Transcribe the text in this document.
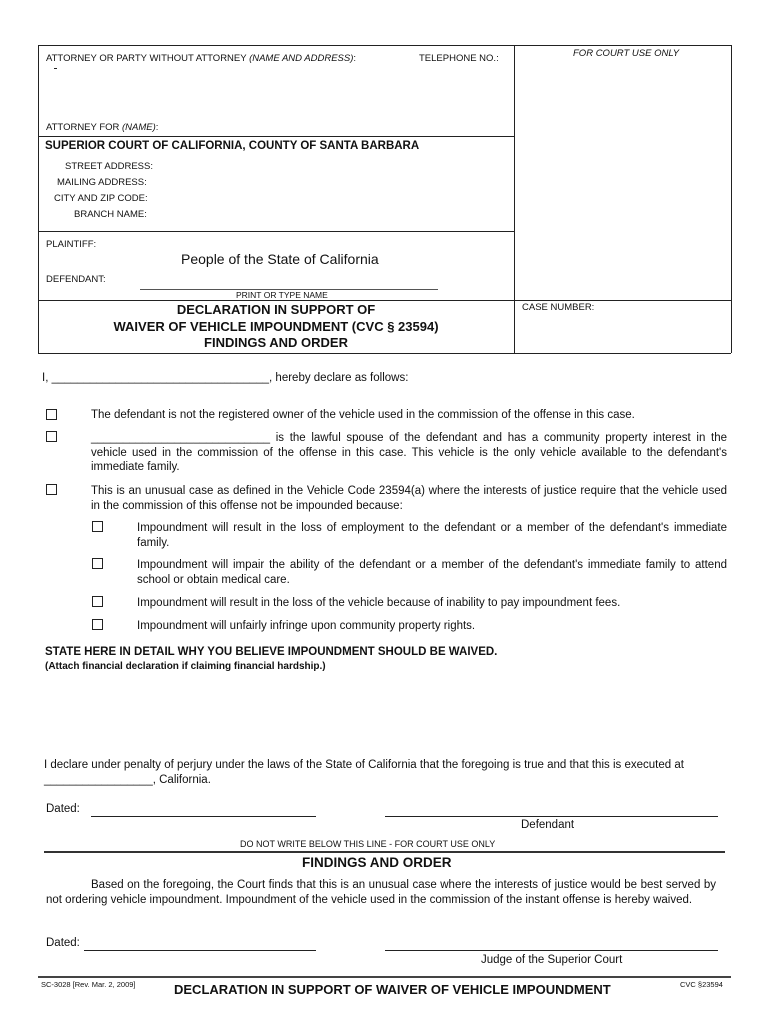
ATTORNEY OR PARTY WITHOUT ATTORNEY (NAME AND ADDRESS):	TELEPHONE NO.:	FOR COURT USE ONLY
ATTORNEY FOR (NAME):
SUPERIOR COURT OF CALIFORNIA, COUNTY OF SANTA BARBARA
STREET ADDRESS:
MAILING ADDRESS:
CITY AND ZIP CODE:
BRANCH NAME:
PLAINTIFF:
People of the State of California
DEFENDANT:
PRINT OR TYPE NAME
DECLARATION IN SUPPORT OF
WAIVER OF VEHICLE IMPOUNDMENT (CVC § 23594)
FINDINGS AND ORDER
CASE NUMBER:
I, __________________________________, hereby declare as follows:
The defendant is not the registered owner of the vehicle used in the commission of the offense in this case.
____________________________ is the lawful spouse of the defendant and has a community property interest in the vehicle used in the commission of the offense in this case. This vehicle is the only vehicle available to the defendant's immediate family.
This is an unusual case as defined in the Vehicle Code 23594(a) where the interests of justice require that the vehicle used in the commission of this offense not be impounded because:
Impoundment will result in the loss of employment to the defendant or a member of the defendant's immediate family.
Impoundment will impair the ability of the defendant or a member of the defendant's immediate family to attend school or obtain medical care.
Impoundment will result in the loss of the vehicle because of inability to pay impoundment fees.
Impoundment will unfairly infringe upon community property rights.
STATE HERE IN DETAIL WHY YOU BELIEVE IMPOUNDMENT SHOULD BE WAIVED.
(Attach financial declaration if claiming financial hardship.)
I declare under penalty of perjury under the laws of the State of California that the foregoing is true and that this is executed at _________________, California.
Dated:
Defendant
DO NOT WRITE BELOW THIS LINE - FOR COURT USE ONLY
FINDINGS AND ORDER
Based on the foregoing, the Court finds that this is an unusual case where the interests of justice would be best served by not ordering vehicle impoundment. Impoundment of the vehicle used in the commission of the instant offense is hereby waived.
Dated:
Judge of the Superior Court
SC-3028 [Rev. Mar. 2, 2009]	DECLARATION IN SUPPORT OF WAIVER OF VEHICLE IMPOUNDMENT	CVC §23594
